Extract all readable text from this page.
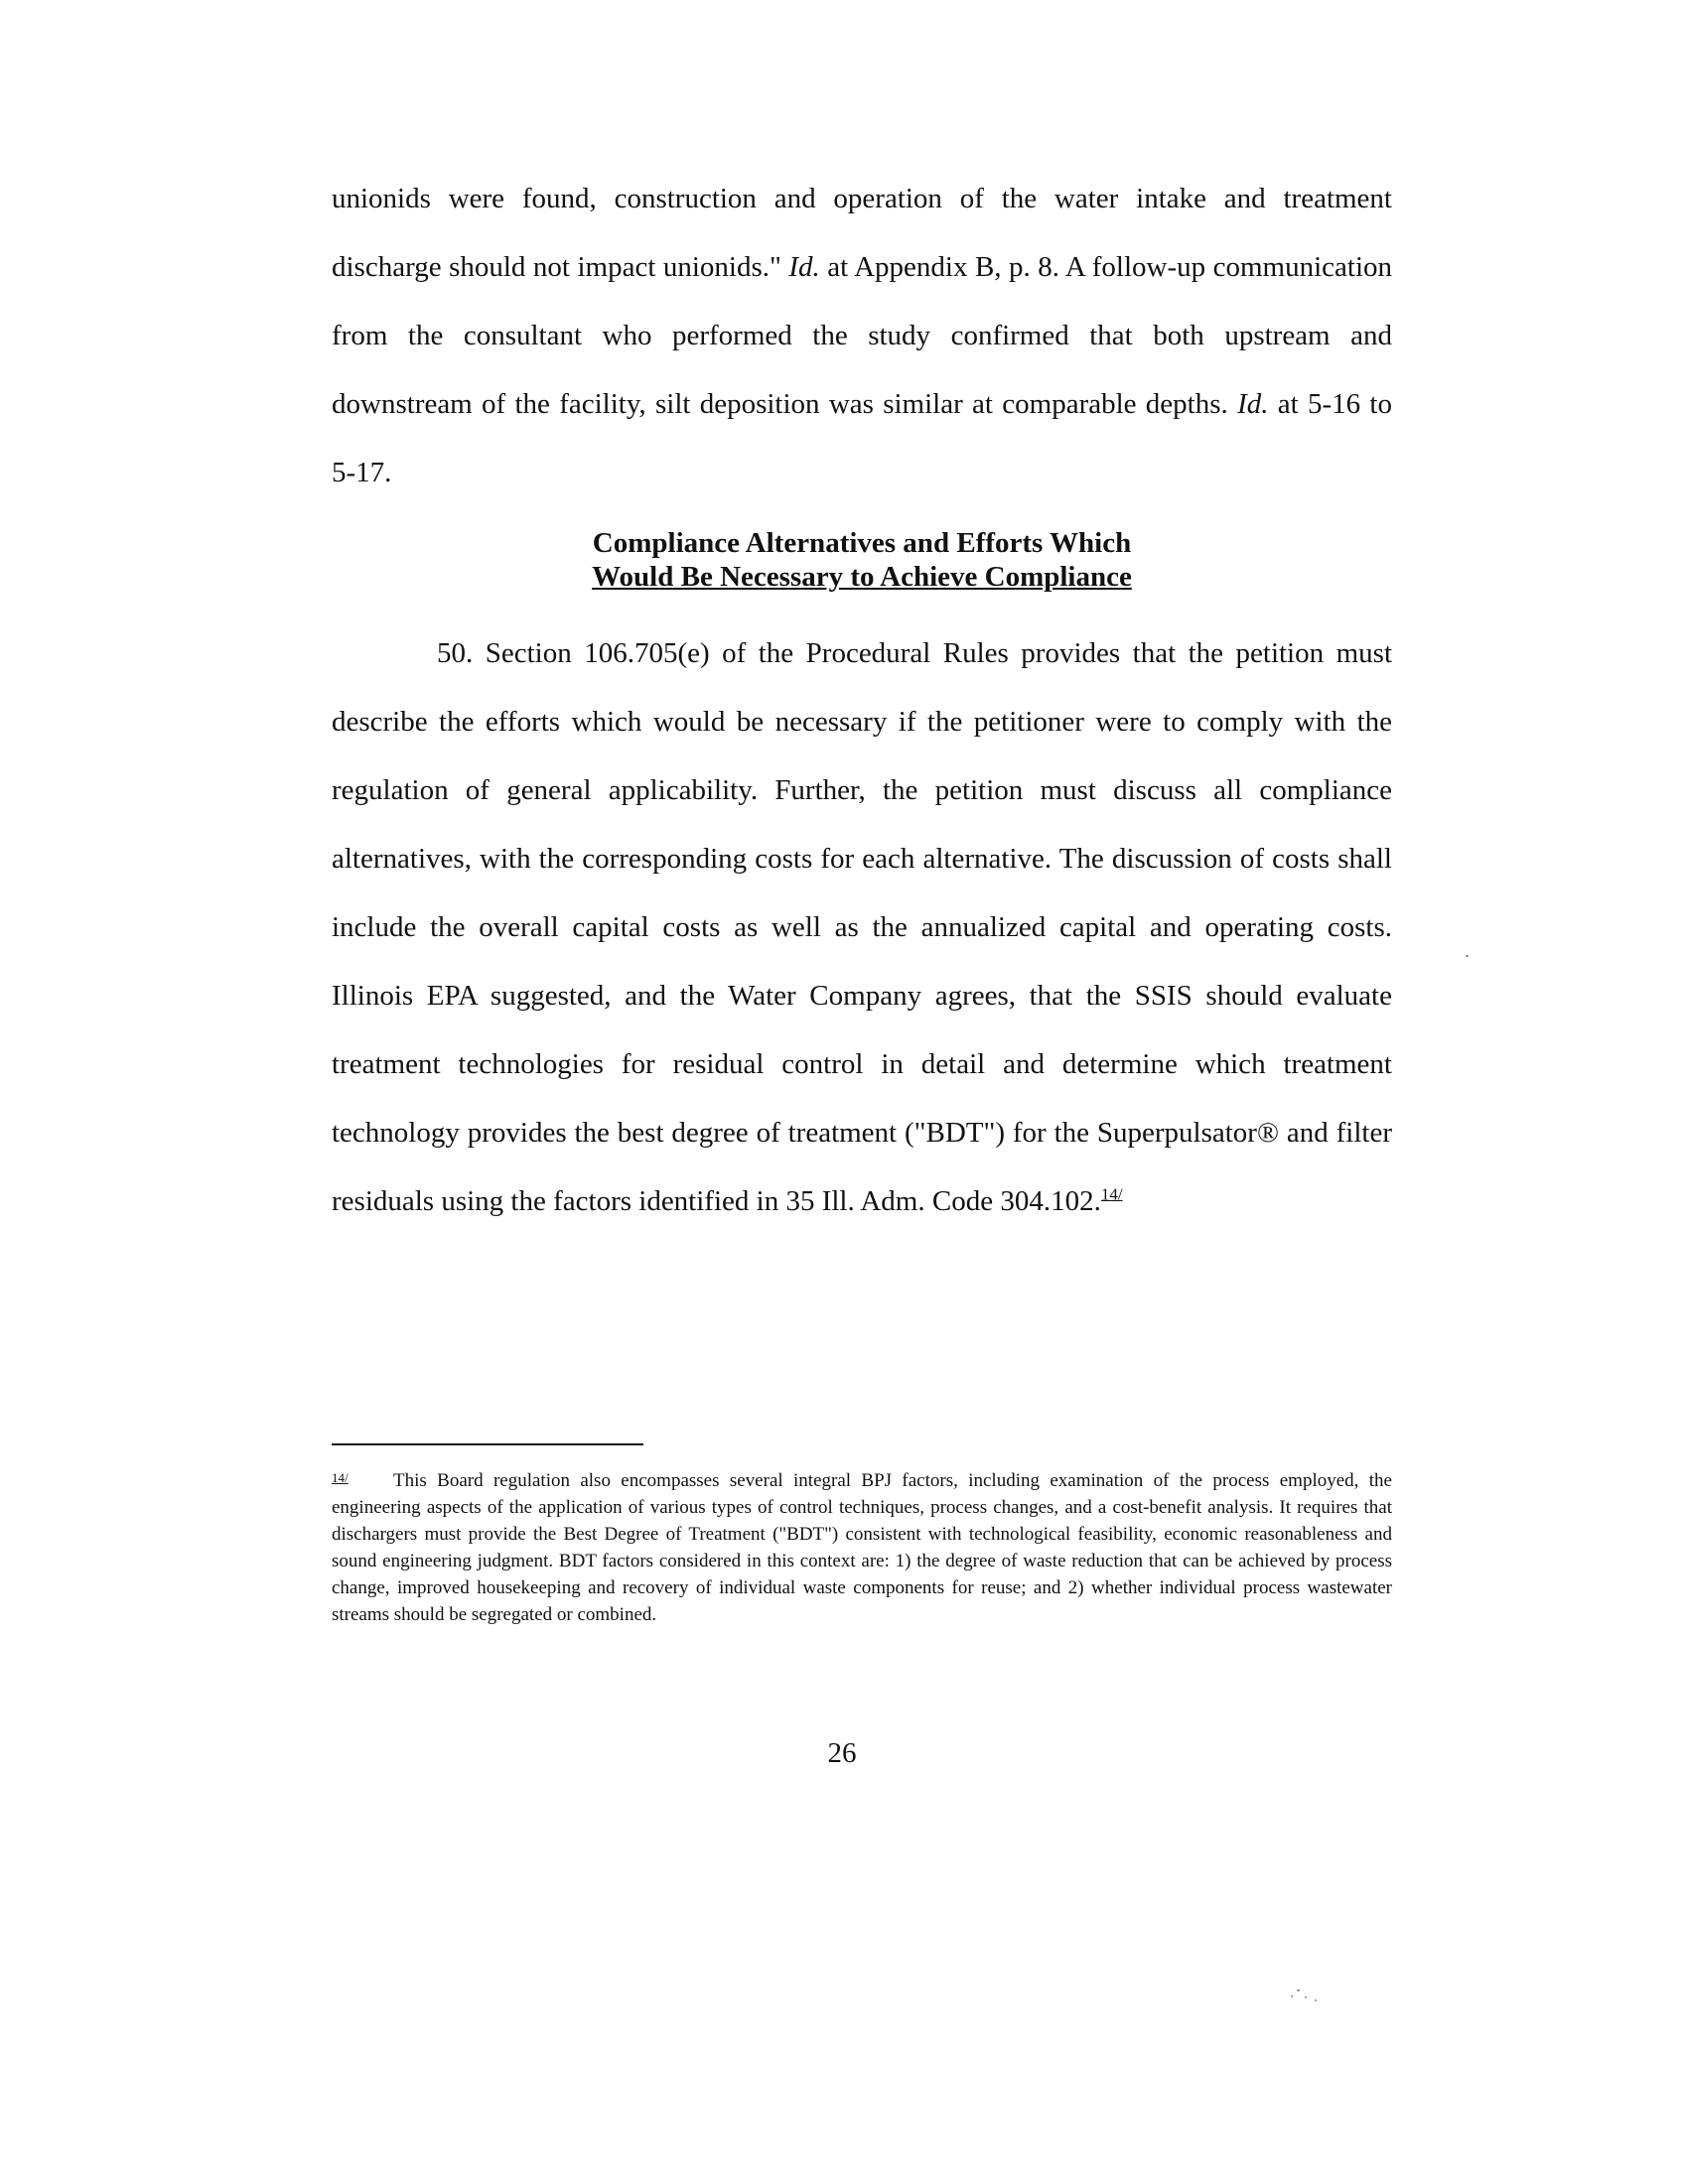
unionids were found, construction and operation of the water intake and treatment discharge should not impact unionids." Id. at Appendix B, p. 8. A follow-up communication from the consultant who performed the study confirmed that both upstream and downstream of the facility, silt deposition was similar at comparable depths. Id. at 5-16 to 5-17.

Compliance Alternatives and Efforts Which
Would Be Necessary to Achieve Compliance

50. Section 106.705(e) of the Procedural Rules provides that the petition must describe the efforts which would be necessary if the petitioner were to comply with the regulation of general applicability. Further, the petition must discuss all compliance alternatives, with the corresponding costs for each alternative. The discussion of costs shall include the overall capital costs as well as the annualized capital and operating costs. Illinois EPA suggested, and the Water Company agrees, that the SSIS should evaluate treatment technologies for residual control in detail and determine which treatment technology provides the best degree of treatment ("BDT") for the Superpulsator® and filter residuals using the factors identified in 35 Ill. Adm. Code 304.102.$^{14/}$

14/ This Board regulation also encompasses several integral BPJ factors, including examination of the process employed, the engineering aspects of the application of various types of control techniques, process changes, and a cost-benefit analysis. It requires that dischargers must provide the Best Degree of Treatment ("BDT") consistent with technological feasibility, economic reasonableness and sound engineering judgment. BDT factors considered in this context are: 1) the degree of waste reduction that can be achieved by process change, improved housekeeping and recovery of individual waste components for reuse; and 2) whether individual process wastewater streams should be segregated or combined.

26
